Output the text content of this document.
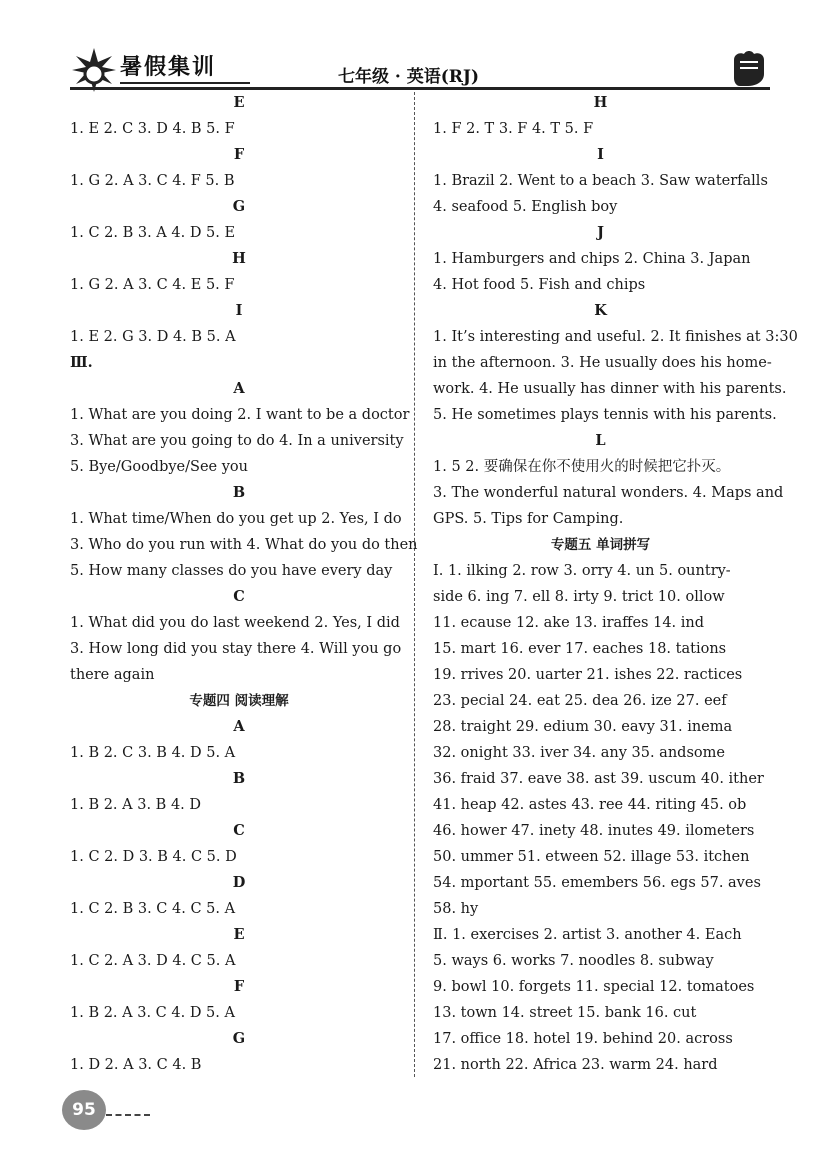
暑假集训	七年级 · 英语(RJ)
E
1. E 2. C 3. D 4. B 5. F
F
1. G 2. A 3. C 4. F 5. B
G
1. C 2. B 3. A 4. D 5. E
H
1. G 2. A 3. C 4. E 5. F
I
1. E 2. G 3. D 4. B 5. A
Ⅲ.
A
1. What are you doing 2. I want to be a doctor
3. What are you going to do 4. In a university
5. Bye/Goodbye/See you
B
1. What time/When do you get up 2. Yes, I do
3. Who do you run with 4. What do you do then
5. How many classes do you have every day
C
1. What did you do last weekend 2. Yes, I did
3. How long did you stay there 4. Will you go
there again
专题四 阅读理解
A
1. B 2. C 3. B 4. D 5. A
B
1. B 2. A 3. B 4. D
C
1. C 2. D 3. B 4. C 5. D
D
1. C 2. B 3. C 4. C 5. A
E
1. C 2. A 3. D 4. C 5. A
F
1. B 2. A 3. C 4. D 5. A
G
1. D 2. A 3. C 4. B
H
1. F 2. T 3. F 4. T 5. F
I
1. Brazil 2. Went to a beach 3. Saw waterfalls
4. seafood 5. English boy
J
1. Hamburgers and chips 2. China 3. Japan
4. Hot food 5. Fish and chips
K
1. It’s interesting and useful. 2. It finishes at 3:30
in the afternoon. 3. He usually does his home-
work. 4. He usually has dinner with his parents.
5. He sometimes plays tennis with his parents.
L
1. 5 2. 要确保在你不使用火的时候把它扑灭。
3. The wonderful natural wonders. 4. Maps and
GPS. 5. Tips for Camping.
专题五 单词拼写
Ⅰ. 1. ilking 2. row 3. orry 4. un 5. ountry-
side 6. ing 7. ell 8. irty 9. trict 10. ollow
11. ecause 12. ake 13. iraffes 14. ind
15. mart 16. ever 17. eaches 18. tations
19. rrives 20. uarter 21. ishes 22. ractices
23. pecial 24. eat 25. dea 26. ize 27. eef
28. traight 29. edium 30. eavy 31. inema
32. onight 33. iver 34. any 35. andsome
36. fraid 37. eave 38. ast 39. uscum 40. ither
41. heap 42. astes 43. ree 44. riting 45. ob
46. hower 47. inety 48. inutes 49. ilometers
50. ummer 51. etween 52. illage 53. itchen
54. mportant 55. emembers 56. egs 57. aves
58. hy
Ⅱ. 1. exercises 2. artist 3. another 4. Each
5. ways 6. works 7. noodles 8. subway
9. bowl 10. forgets 11. special 12. tomatoes
13. town 14. street 15. bank 16. cut
17. office 18. hotel 19. behind 20. across
21. north 22. Africa 23. warm 24. hard
95
